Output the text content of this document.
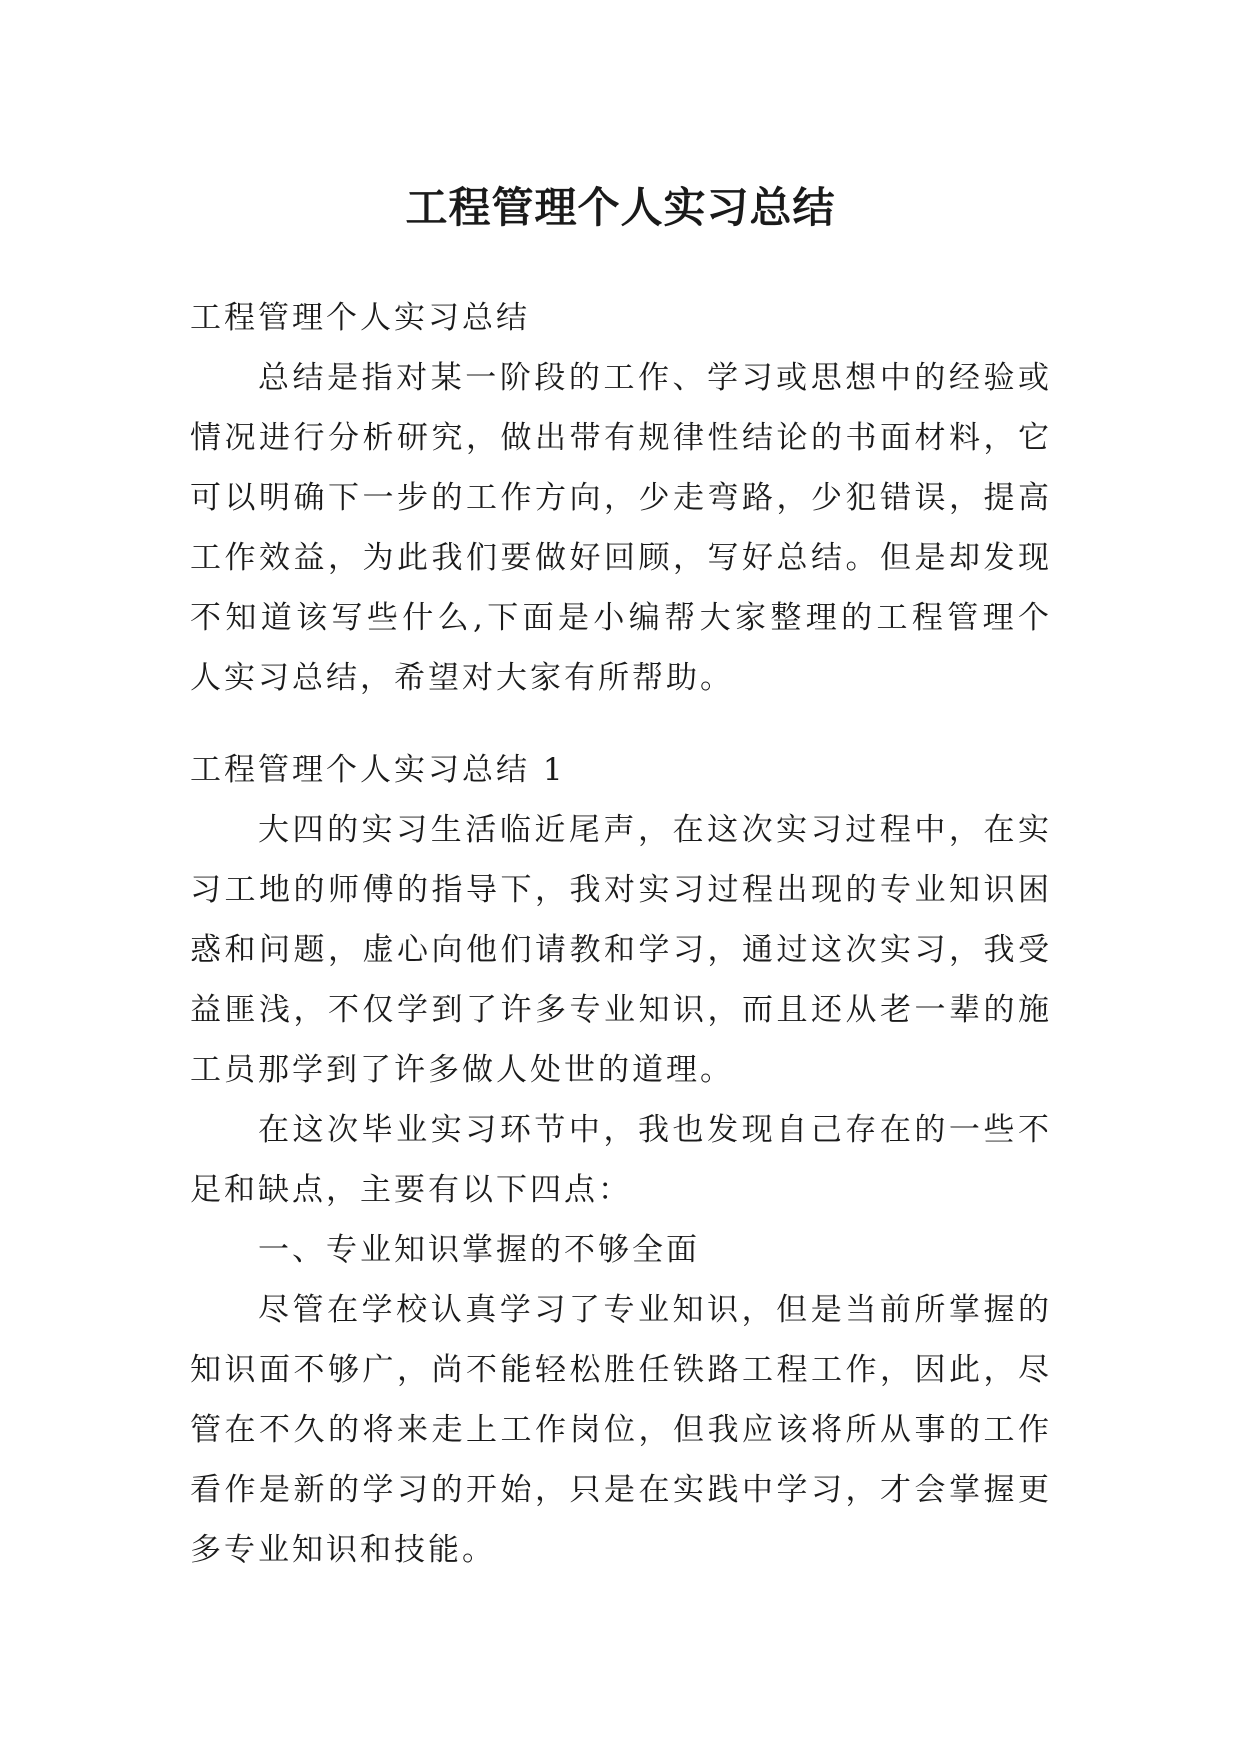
工程管理个人实习总结

工程管理个人实习总结

总结是指对某一阶段的工作、学习或思想中的经验或情况进行分析研究，做出带有规律性结论的书面材料，它可以明确下一步的工作方向，少走弯路，少犯错误，提高工作效益，为此我们要做好回顾，写好总结。但是却发现不知道该写些什么,下面是小编帮大家整理的工程管理个人实习总结，希望对大家有所帮助。

工程管理个人实习总结 1

大四的实习生活临近尾声，在这次实习过程中，在实习工地的师傅的指导下，我对实习过程出现的专业知识困惑和问题，虚心向他们请教和学习，通过这次实习，我受益匪浅，不仅学到了许多专业知识，而且还从老一辈的施工员那学到了许多做人处世的道理。

在这次毕业实习环节中，我也发现自己存在的一些不足和缺点，主要有以下四点：

一、专业知识掌握的不够全面

尽管在学校认真学习了专业知识，但是当前所掌握的知识面不够广，尚不能轻松胜任铁路工程工作，因此，尽管在不久的将来走上工作岗位，但我应该将所从事的工作看作是新的学习的开始，只是在实践中学习，才会掌握更多专业知识和技能。
